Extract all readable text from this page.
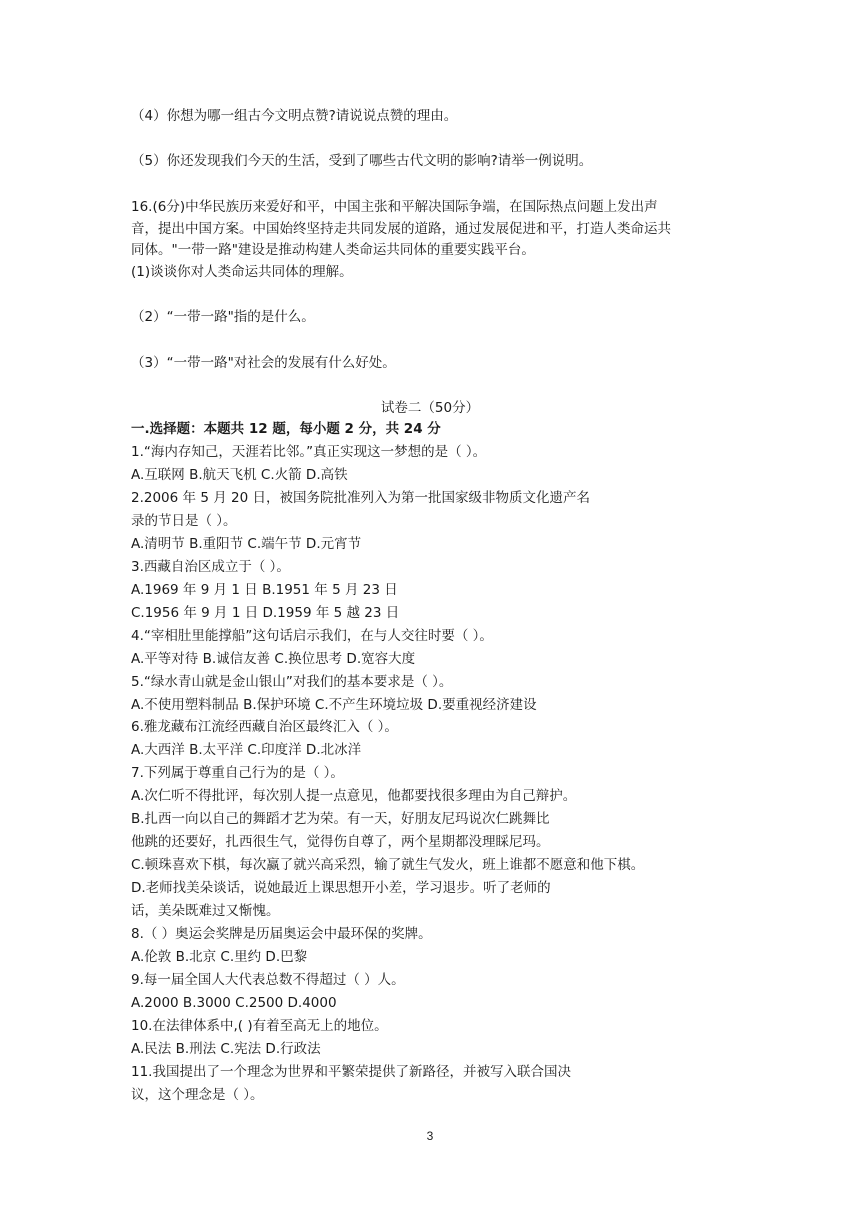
（4）你想为哪一组古今文明点赞?请说说点赞的理由。
（5）你还发现我们今天的生活，受到了哪些古代文明的影响?请举一例说明。
16.(6分)中华民族历来爱好和平，中国主张和平解决国际争端，在国际热点问题上发出声
音，提出中国方案。中国始终坚持走共同发展的道路，通过发展促进和平，打造人类命运共
同体。"一带一路"建设是推动构建人类命运共同体的重要实践平台。
(1)谈谈你对人类命运共同体的理解。
（2）“一带一路"指的是什么。
（3）“一带一路"对社会的发展有什么好处。
试卷二（50分）
一.选择题：本题共 12 题，每小题 2 分，共 24 分
1.“海内存知己，天涯若比邻。”真正实现这一梦想的是（ ）。
A.互联网 B.航天飞机 C.火箭 D.高铁
2.2006 年 5 月 20 日，被国务院批准列入为第一批国家级非物质文化遗产名
录的节日是（ ）。
A.清明节 B.重阳节 C.端午节 D.元宵节
3.西藏自治区成立于（ ）。
A.1969 年 9 月 1 日 B.1951 年 5 月 23 日
C.1956 年 9 月 1 日 D.1959 年 5 越 23 日
4.“宰相肚里能撑船”这句话启示我们，在与人交往时要（ ）。
A.平等对待 B.诚信友善 C.换位思考 D.宽容大度
5.“绿水青山就是金山银山”对我们的基本要求是（ ）。
A.不使用塑料制品 B.保护环境 C.不产生环境垃圾 D.要重视经济建设
6.雅龙藏布江流经西藏自治区最终汇入（ ）。
A.大西洋 B.太平洋 C.印度洋 D.北冰洋
7.下列属于尊重自己行为的是（ ）。
A.次仁听不得批评，每次别人提一点意见，他都要找很多理由为自己辩护。
B.扎西一向以自己的舞蹈才艺为荣。有一天，好朋友尼玛说次仁跳舞比
他跳的还要好，扎西很生气，觉得伤自尊了，两个星期都没理睬尼玛。
C.顿珠喜欢下棋，每次赢了就兴高采烈，输了就生气发火，班上谁都不愿意和他下棋。
D.老师找美朵谈话，说她最近上课思想开小差，学习退步。听了老师的
话，美朵既难过又惭愧。
8.（ ）奥运会奖牌是历届奥运会中最环保的奖牌。
A.伦敦 B.北京 C.里约 D.巴黎
9.每一届全国人大代表总数不得超过（ ）人。
A.2000 B.3000 C.2500 D.4000
10.在法律体系中,( )有着至高无上的地位。
A.民法 B.刑法 C.宪法 D.行政法
11.我国提出了一个理念为世界和平繁荣提供了新路径，并被写入联合国决
议，这个理念是（ ）。
3
